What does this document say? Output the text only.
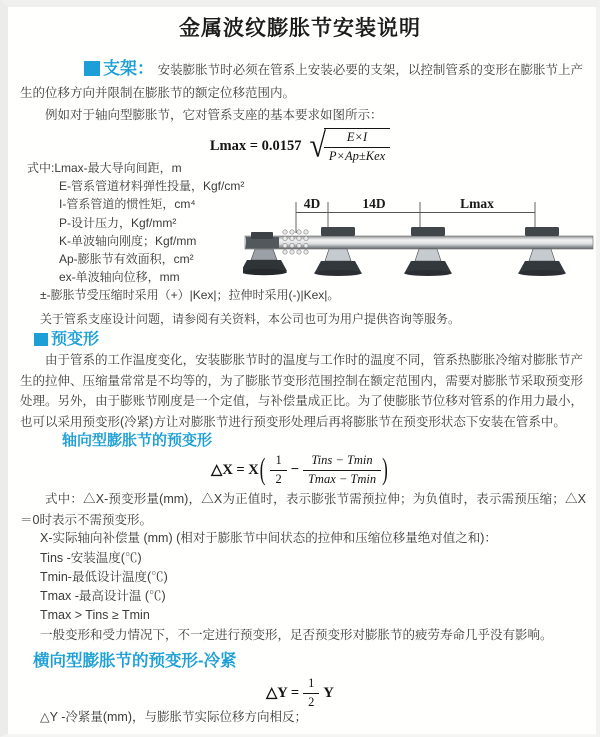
金属波纹膨胀节安装说明

支架： 安装膨胀节时必须在管系上安装必要的支架，以控制管系的变形在膨胀节上产生的位移方向并限制在膨胀节的额定位移范围内。

例如对于轴向型膨胀节，它对管系支座的基本要求如图所示：

Lmax = 0.0157 √
$\frac{E\times I}{\text{P×Ap±Kex}}$
式中:Lmax-最大导向间距，m
E-管系管道材料弹性投量，Kgf/cm²
I-管系管道的惯性矩，cm⁴
P-设计压力，Kgf/mm²
K-单波轴向刚度；Kgf/mm
Ap-膨胀节有效面积，cm²
ex-单波轴向位移，mm
±-膨胀节受压缩时采用（+）|Kex|；拉伸时采用(-)|Kex|。
关于管系支座设计问题，请参阅有关资料，本公司也可为用户提供咨询等服务。
4D	14D	Lmax
预变形

由于管系的工作温度变化，安装膨胀节时的温度与工作时的温度不同，管系热膨胀冷缩对膨胀节产生的拉伸、压缩量常常是不均等的，为了膨胀节变形范围控制在额定范围内，需要对膨胀节采取预变形处理。另外，由于膨账节刚度是一个定值，与补偿量成正比。为了使膨胀节位移对管系的作用力最小，也可以采用预变形(冷紧)方让对膨胀节进行预变形处理后再将膨胀节在预变形状态下安装在管系中。

轴向型膨胀节的预变形
△X = $X( \frac{1}{2} - \frac{\text{Tins − Tmin}}{Tmax - Tmin}$ )

式中：△X-预变形量(mm)，△X为正值时，表示膨张节需预拉伸；为负值时，表示需预压缩；△X＝0时表示不需预变形。

X-实际轴向补偿量 (mm) (相对于膨胀节中间状态的拉伸和压缩位移量绝对值之和)：
Tins -安装温度(℃)
Tmin-最低设计温度(℃)
Tmax -最高设计温 (℃)
Tmax > Tins ≥ Tmin
一般变形和受力情况下，不一定进行预变形，足否预变形对膨胀节的疲劳寿命几乎没有影响。
横向型膨胀节的预变形-冷紧
△Y = $\frac{1}{2}$ Y
△Y -冷紧量(mm)，与膨胀节实际位移方向相反；
